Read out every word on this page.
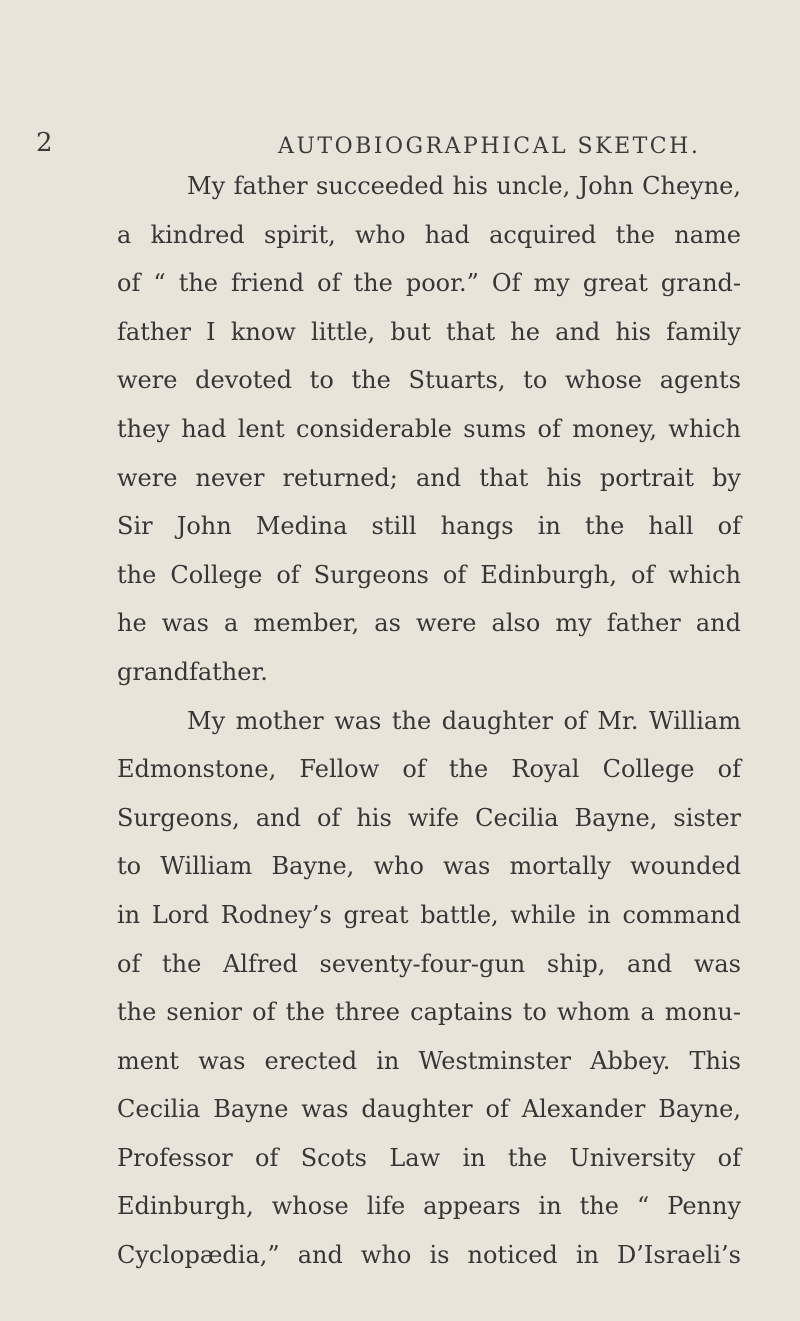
2	AUTOBIOGRAPHICAL SKETCH.
My father succeeded his uncle, John Cheyne,
a kindred spirit, who had acquired the name
of “ the friend of the poor.” Of my great grand-
father I know little, but that he and his family
were devoted to the Stuarts, to whose agents
they had lent considerable sums of money, which
were never returned; and that his portrait by
Sir John Medina still hangs in the hall of
the College of Surgeons of Edinburgh, of which
he was a member, as were also my father and
grandfather.
My mother was the daughter of Mr. William
Edmonstone, Fellow of the Royal College of
Surgeons, and of his wife Cecilia Bayne, sister
to William Bayne, who was mortally wounded
in Lord Rodney’s great battle, while in command
of the Alfred seventy-four-gun ship, and was
the senior of the three captains to whom a monu-
ment was erected in Westminster Abbey. This
Cecilia Bayne was daughter of Alexander Bayne,
Professor of Scots Law in the University of
Edinburgh, whose life appears in the “ Penny
Cyclopædia,” and who is noticed in D’Israeli’s
